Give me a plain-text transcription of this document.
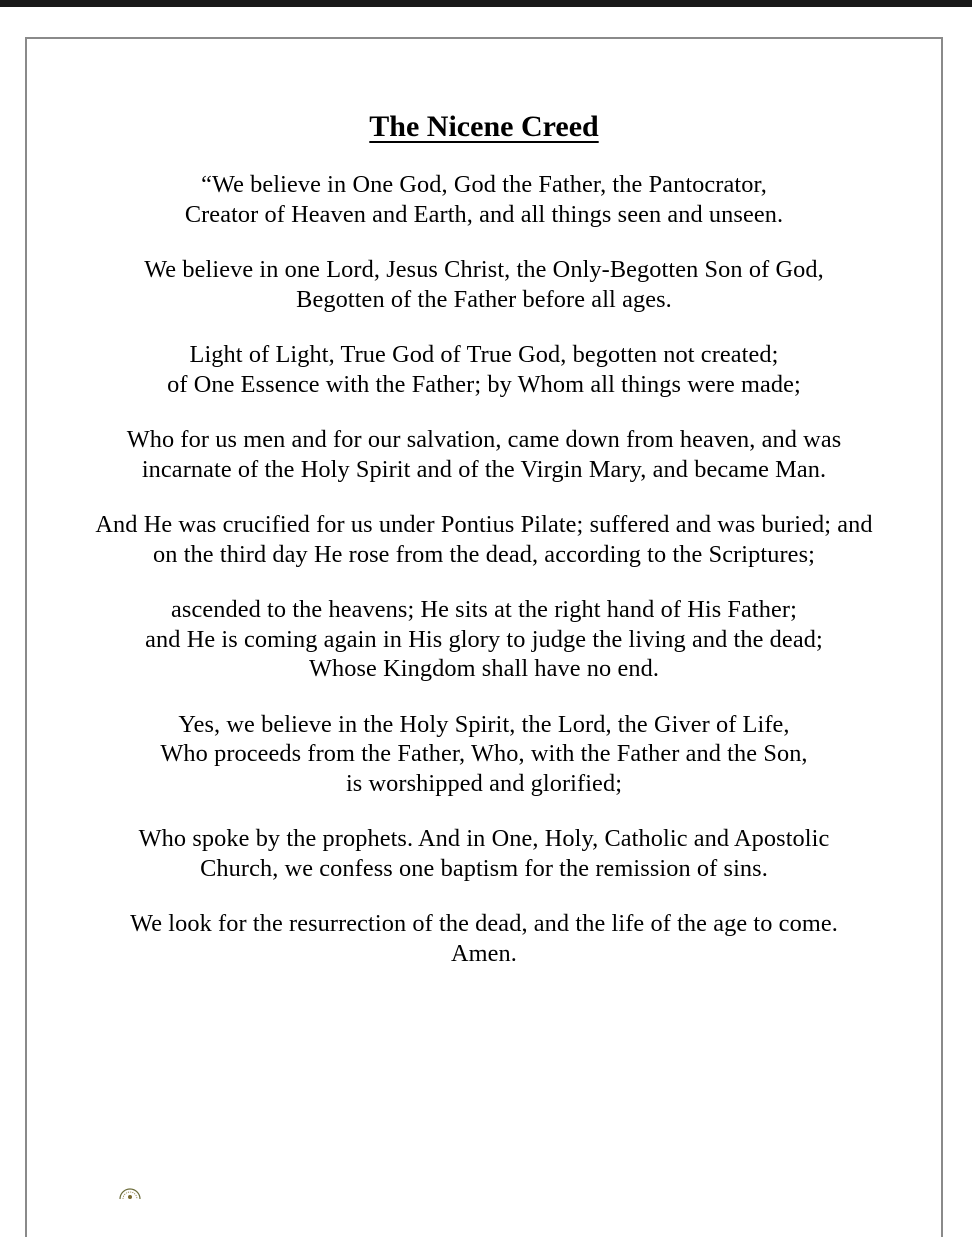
The Nicene Creed

“We believe in One God, God the Father, the Pantocrator,
Creator of Heaven and Earth, and all things seen and unseen.

We believe in one Lord, Jesus Christ, the Only-Begotten Son of God,
Begotten of the Father before all ages.

Light of Light, True God of True God, begotten not created;
of One Essence with the Father; by Whom all things were made;

Who for us men and for our salvation, came down from heaven, and was
incarnate of the Holy Spirit and of the Virgin Mary, and became Man.

And He was crucified for us under Pontius Pilate; suffered and was buried; and
on the third day He rose from the dead, according to the Scriptures;

ascended to the heavens; He sits at the right hand of His Father;
and He is coming again in His glory to judge the living and the dead;
Whose Kingdom shall have no end.

Yes, we believe in the Holy Spirit, the Lord, the Giver of Life,
Who proceeds from the Father, Who, with the Father and the Son,
is worshipped and glorified;

Who spoke by the prophets. And in One, Holy, Catholic and Apostolic
Church, we confess one baptism for the remission of sins.

We look for the resurrection of the dead, and the life of the age to come.
Amen.
